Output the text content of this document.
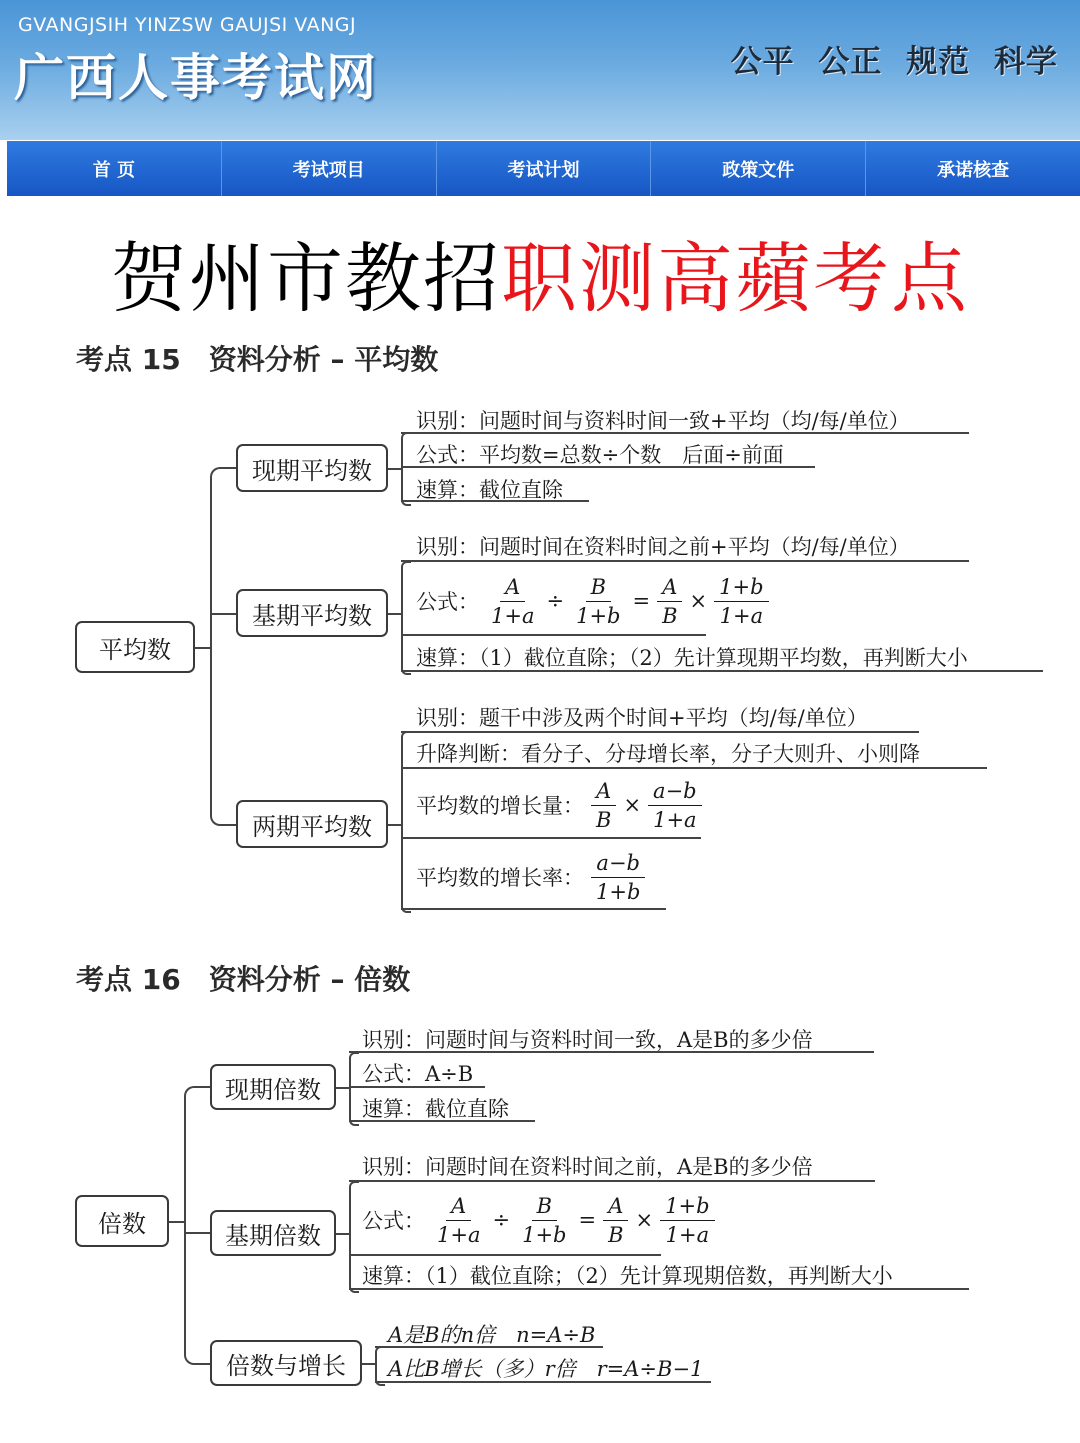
GVANGJSIH YINZSW GAUJSI VANGJ
广西人事考试网	公平 公正 规范 科学
首 页	考试项目	考试计划	政策文件	承诺核查
贺州市教招职测高蘋考点
考点 15　资料分析 – 平均数
平均数
现期平均数
识别：问题时间与资料时间一致+平均（均/每/单位）
公式：平均数=总数÷个数　后面÷前面
速算：截位直除
基期平均数
识别：问题时间在资料时间之前+平均（均/每/单位）
公式： $\frac{A}{1+a} \div \frac{B}{1+b} = \frac{A}{B} \times \frac{1+b}{1+a}$
速算：（1）截位直除；（2）先计算现期平均数，再判断大小
两期平均数
识别：题干中涉及两个时间+平均（均/每/单位）
升降判断：看分子、分母增长率，分子大则升、小则降
平均数的增长量： $\frac{A}{B} \times \frac{a-b}{1+a}$
平均数的增长率： $\frac{a-b}{1+b}$
考点 16　资料分析 – 倍数
倍数
现期倍数
识别：问题时间与资料时间一致，A是B的多少倍
公式：A÷B
速算：截位直除
基期倍数
识别：问题时间在资料时间之前，A是B的多少倍
公式： $\frac{A}{1+a} \div \frac{B}{1+b} = \frac{A}{B} \times \frac{1+b}{1+a}$
速算：（1）截位直除；（2）先计算现期倍数，再判断大小
倍数与增长
A是B的n倍　n=A÷B
A比B增长（多）r倍　r=A÷B−1
